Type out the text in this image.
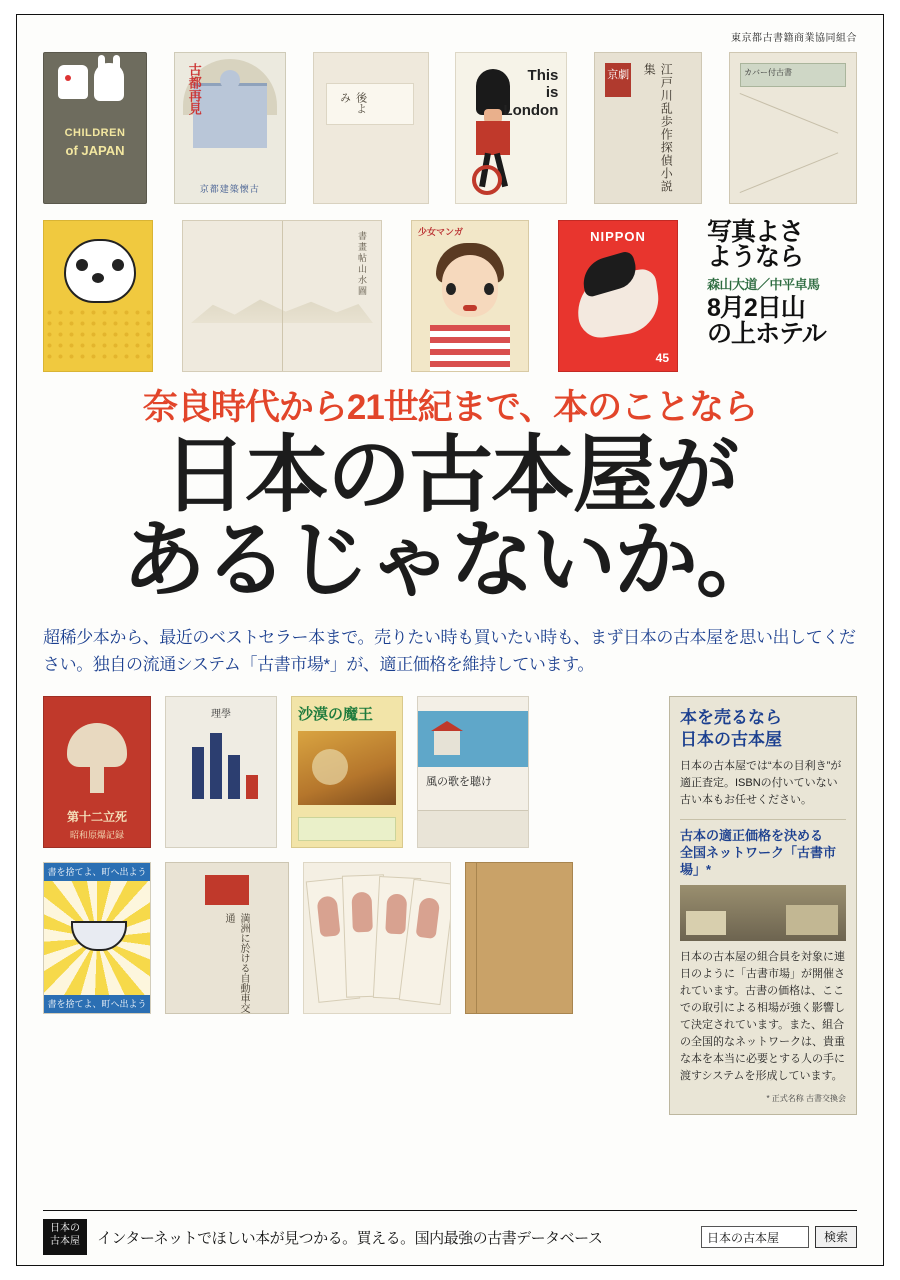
東京都古書籍商業協同組合
CHILDREN
of JAPAN
古都再見
京都建築懐古
後よみ
This
is
London
京劇	江戸川乱歩作探偵小説集	カバー付古書
書畫帖山水圖	少女マンガ	NIPPON
45
写真よさ
ようなら
森山大道／中平卓馬
8月2日山
の上ホテル
奈良時代から21世紀まで、本のことなら
日本の古本屋が
あるじゃないか。
超稀少本から、最近のベストセラー本まで。売りたい時も買いたい時も、まず日本の古本屋を思い出してください。独自の流通システム「古書市場*」が、適正価格を維持しています。
第十二立死
昭和原爆記録
理學	沙漠の魔王
風の歌を聴け
書を捨てよ、町へ出よう
書を捨てよ、町へ出よう	満洲に於ける自動車交通
本を売るなら
日本の古本屋

日本の古本屋では“本の目利き”が適正査定。ISBNの付いていない古い本もお任せください。

古本の適正価格を決める
全国ネットワーク「古書市場」*

日本の古本屋の組合員を対象に連日のように「古書市場」が開催されています。古書の価格は、ここでの取引による相場が強く影響して決定されています。また、組合の全国的なネットワークは、貴重な本を本当に必要とする人の手に渡すシステムを形成しています。

* 正式名称 古書交換会
日本の
古本屋	インターネットでほしい本が見つかる。買える。国内最強の古書データベース	日本の古本屋	検索
